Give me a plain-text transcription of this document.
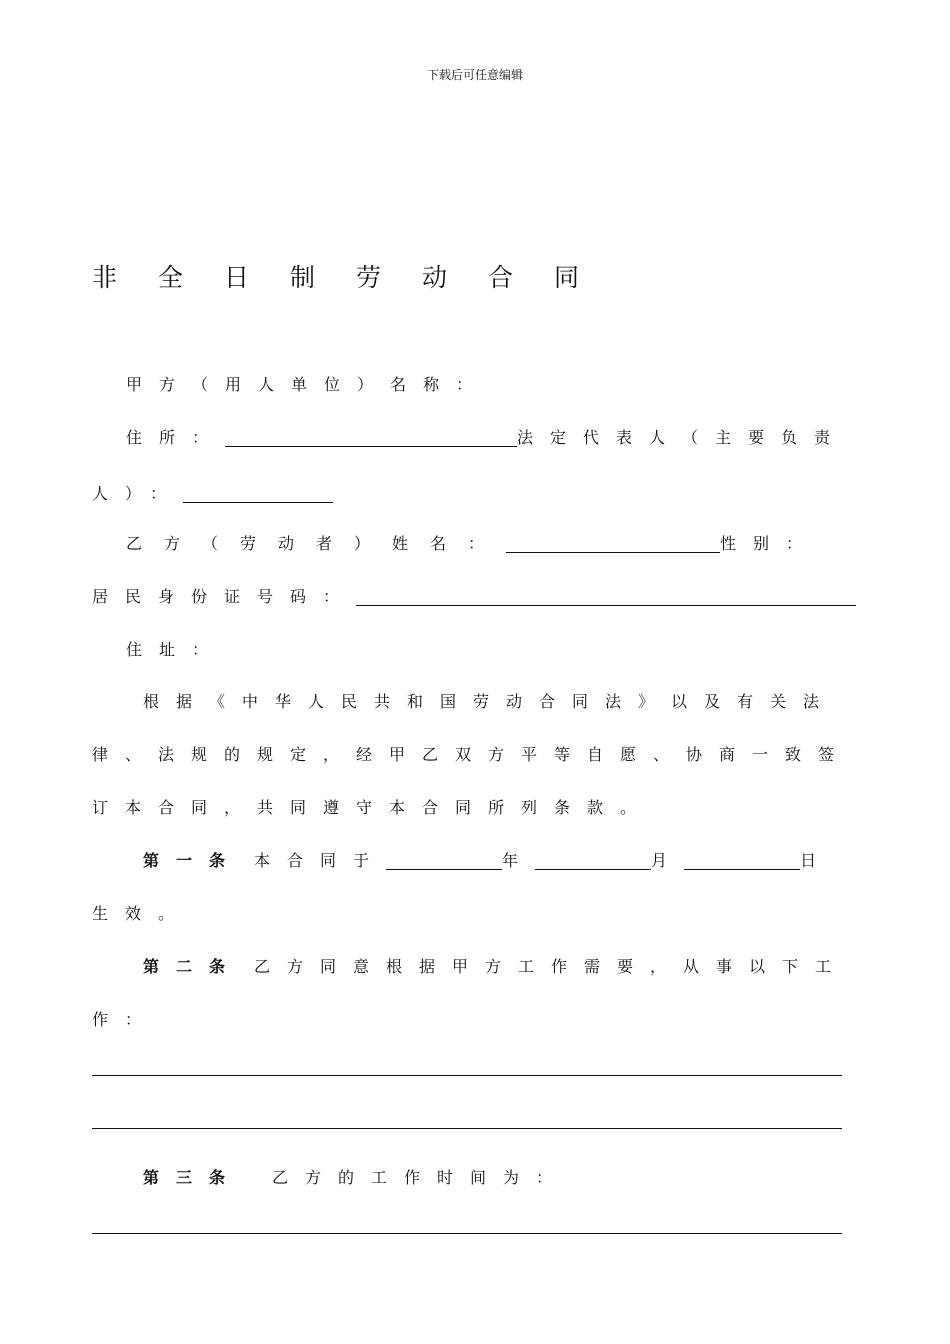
下载后可任意编辑
非全日制劳动合同
甲方（用人单位）名称：
住所：	法定代表人（主要负责
人）：
乙方（劳动者）姓名：	性别：
居民身份证号码：
住址：
根据《中华人民共和国劳动合同法》以及有关法
律、法规的规定，经甲乙双方平等自愿、协商一致签
订本合同，共同遵守本合同所列条款。
第一条 本合同于	年	月	日
生效。
第二条 乙方同意根据甲方工作需要，从事以下工
作：
第三条 乙方的工作时间为：
